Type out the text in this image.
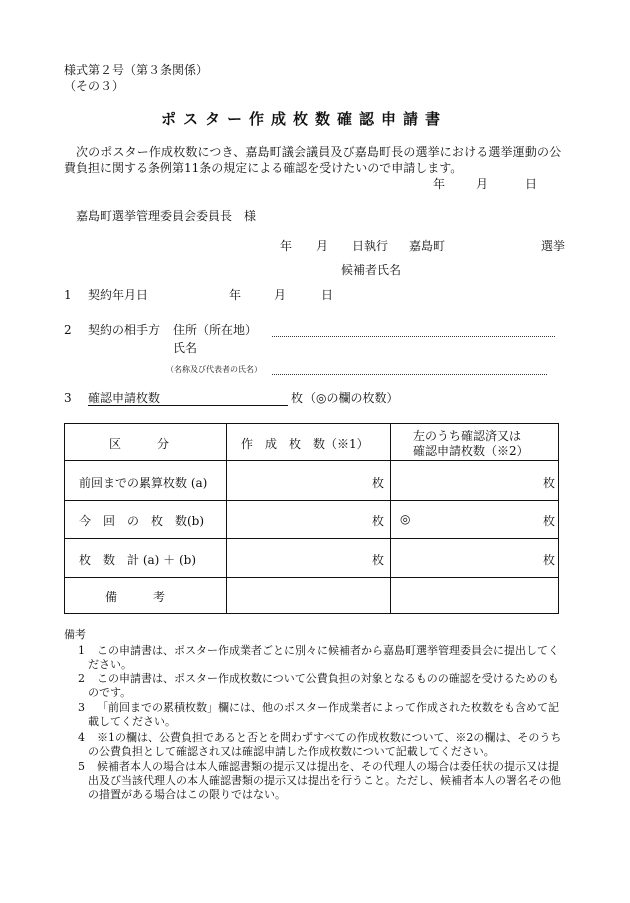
様式第２号（第３条関係）
（その３）
ポスター作成枚数確認申請書
次のポスター作成枚数につき、嘉島町議会議員及び嘉島町長の選挙における選挙運動の公
費負担に関する条例第11条の規定による確認を受けたいので申請します。
年	月	日
嘉島町選挙管理委員会委員長　様
年 月 日執行 嘉島町	選挙
候補者氏名
1 契約年月日	年	月	日
2 契約の相手方 住所（所在地）
氏名
（名称及び代表者の氏名）
3 確認申請枚数	枚 （◎の欄の枚数）
区　　　分	作　成　枚　数（※1）
左のうち確認済又は
確認申請枚数（※2）
前回までの累算枚数 (a)	枚	枚
今　回　の　枚　数(b)	枚 ◎	枚
枚　数　計 (a) ＋ (b)	枚	枚
備　　　考
備考
1	この申請書は、ポスター作成業者ごとに別々に候補者から嘉島町選挙管理委員会に提出してください。
2	この申請書は、ポスター作成枚数について公費負担の対象となるものの確認を受けるためのものです。
3	「前回までの累積枚数」欄には、他のポスター作成業者によって作成された枚数をも含めて記載してください。
4	※1の欄は、公費負担であると否とを問わずすべての作成枚数について、※2の欄は、そのうちの公費負担として確認され又は確認申請した作成枚数について記載してください。
5	候補者本人の場合は本人確認書類の提示又は提出を、その代理人の場合は委任状の提示又は提出及び当該代理人の本人確認書類の提示又は提出を行うこと。ただし、候補者本人の署名その他の措置がある場合はこの限りではない。
